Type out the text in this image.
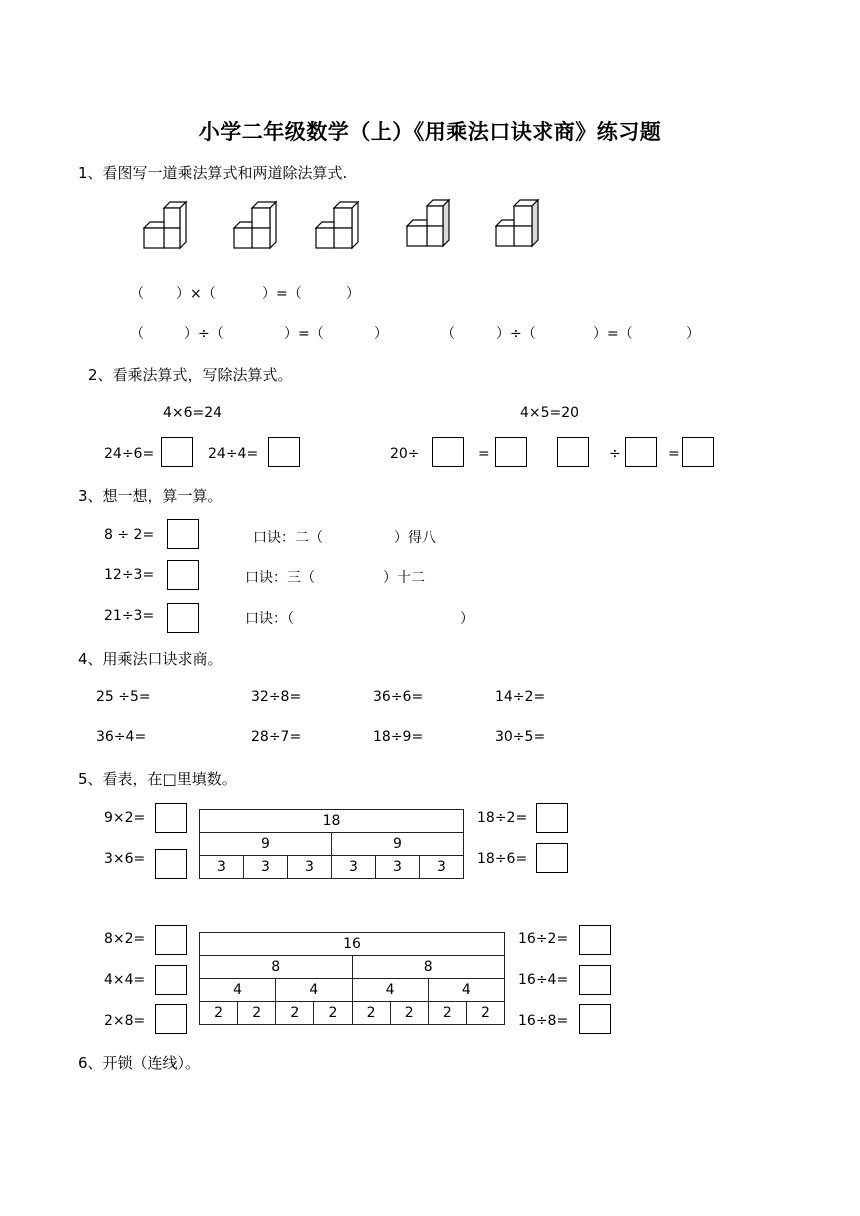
小学二年级数学（上）《用乘法口诀求商》练习题
1、看图写一道乘法算式和两道除法算式.
（ ）×（	）=（	）
（	）÷（	）=（	）	（	）÷（	）=（	）
2、看乘法算式，写除法算式。
4×6=24	4×5=20
24÷6=	24÷4=	20÷	=	÷	=
3、想一想，算一算。
8 ÷ 2=	口诀：二（	）得八
12÷3=	口诀：三（	）十二
21÷3=	口诀：（	）
4、用乘法口诀求商。
25 ÷5=	32÷8=	36÷6=	14÷2=
36÷4=	28÷7=	18÷9=	30÷5=
5、看表，在□里填数。
9×2=
3×6=
18					
9			9		
3	3	3	3	3	3
18÷2=
18÷6=
8×2=
4×4=
2×8=
16							
8				8			
4		4		4		4	
2	2	2	2	2	2	2	2
16÷2=
16÷4=
16÷8=
6、开锁（连线）。
